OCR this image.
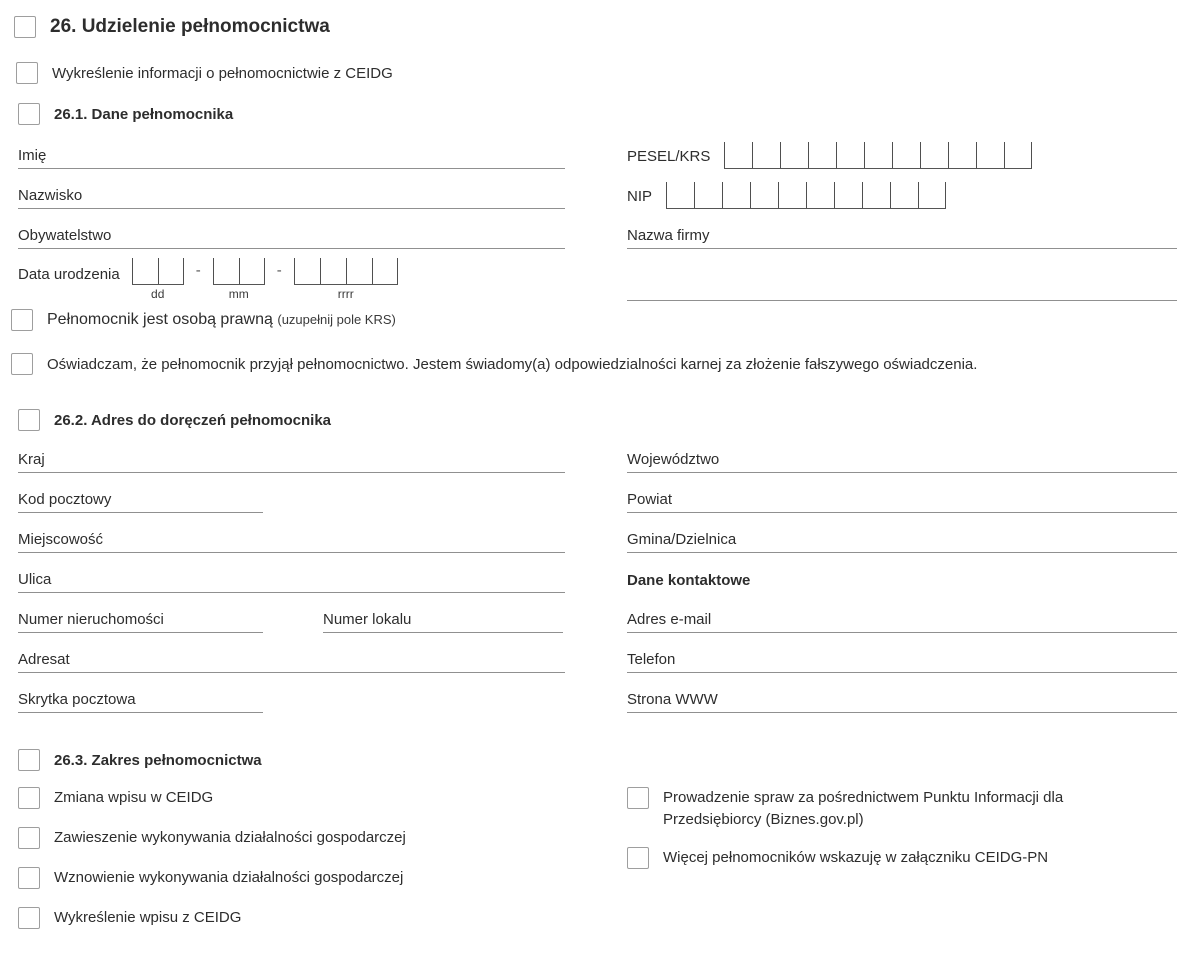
26. Udzielenie pełnomocnictwa
Wykreślenie informacji o pełnomocnictwie z CEIDG
26.1. Dane pełnomocnika
Imię
Nazwisko
Obywatelstwo
Data urodzenia
dd
-
mm
-
rrrr
PESEL/KRS
NIP
Nazwa firmy
Pełnomocnik jest osobą prawną (uzupełnij pole KRS)
Oświadczam, że pełnomocnik przyjął pełnomocnictwo. Jestem świadomy(a) odpowiedzialności karnej za złożenie fałszywego oświadczenia.
26.2. Adres do doręczeń pełnomocnika
Kraj
Kod pocztowy
Miejscowość
Ulica
Numer nieruchomości	Numer lokalu
Adresat
Skrytka pocztowa
Województwo
Powiat
Gmina/Dzielnica
Dane kontaktowe
Adres e-mail
Telefon
Strona WWW
26.3. Zakres pełnomocnictwa
Zmiana wpisu w CEIDG
Zawieszenie wykonywania działalności gospodarczej
Wznowienie wykonywania działalności gospodarczej
Wykreślenie wpisu z CEIDG
Prowadzenie spraw za pośrednictwem Punktu Informacji dla Przedsiębiorcy (Biznes.gov.pl)
Więcej pełnomocników wskazuję w załączniku CEIDG-PN
